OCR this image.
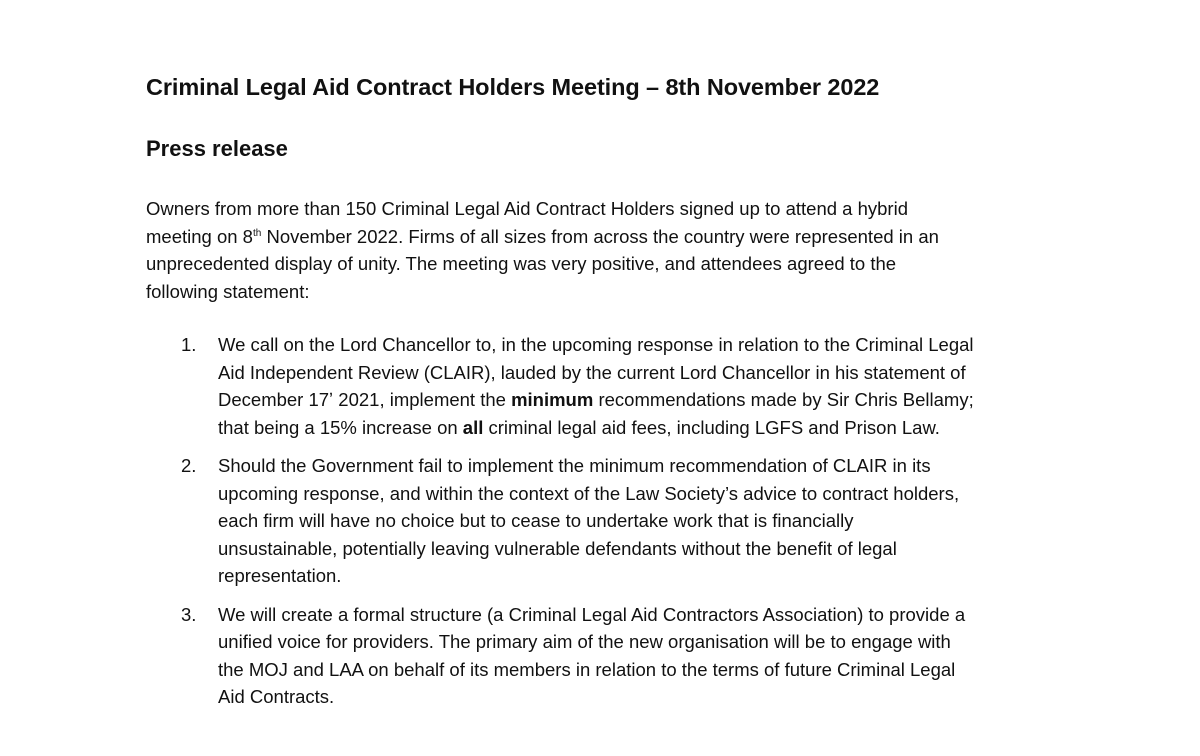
Criminal Legal Aid Contract Holders Meeting – 8th November 2022
Press release
Owners from more than 150 Criminal Legal Aid Contract Holders signed up to attend a hybrid
meeting on 8th November 2022. Firms of all sizes from across the country were represented in an
unprecedented display of unity. The meeting was very positive, and attendees agreed to the
following statement:
1. We call on the Lord Chancellor to, in the upcoming response in relation to the Criminal Legal
Aid Independent Review (CLAIR), lauded by the current Lord Chancellor in his statement of
December 17ʼ 2021, implement the minimum recommendations made by Sir Chris Bellamy;
that being a 15% increase on all criminal legal aid fees, including LGFS and Prison Law.
2. Should the Government fail to implement the minimum recommendation of CLAIR in its
upcoming response, and within the context of the Law Society’s advice to contract holders,
each firm will have no choice but to cease to undertake work that is financially
unsustainable, potentially leaving vulnerable defendants without the benefit of legal
representation.
3. We will create a formal structure (a Criminal Legal Aid Contractors Association) to provide a
unified voice for providers. The primary aim of the new organisation will be to engage with
the MOJ and LAA on behalf of its members in relation to the terms of future Criminal Legal
Aid Contracts.
